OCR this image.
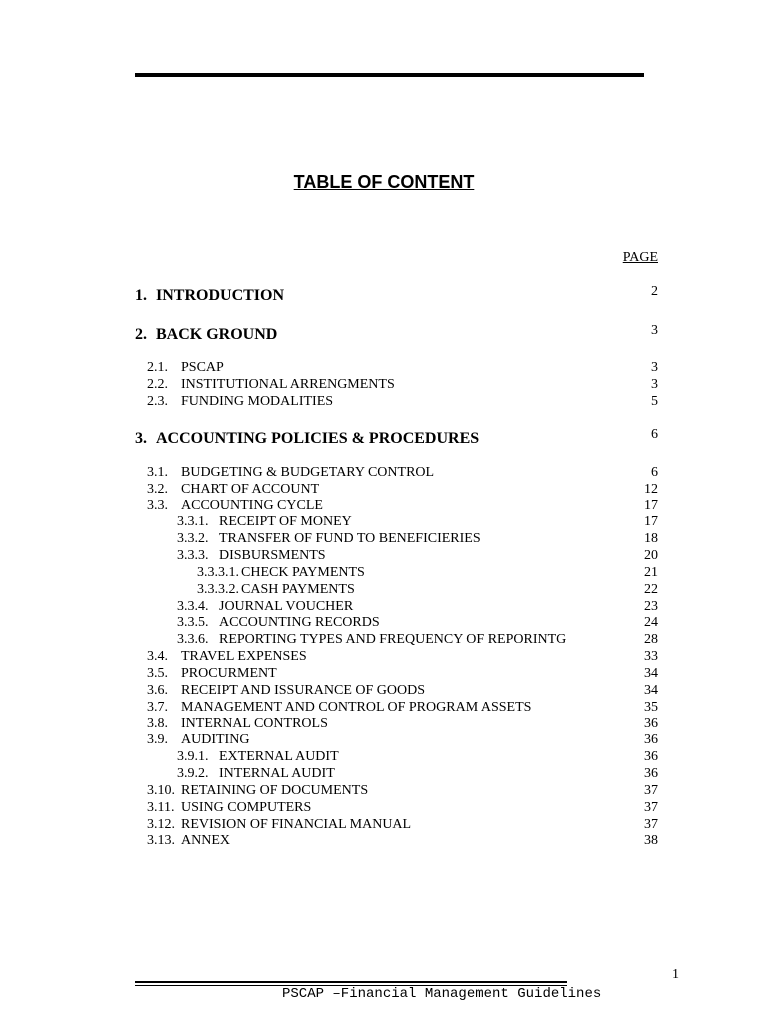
TABLE OF CONTENT
PAGE
1. INTRODUCTION	2
2. BACK GROUND	3
2.1. PSCAP	3
2.2. INSTITUTIONAL ARRENGMENTS	3
2.3. FUNDING MODALITIES	5
3. ACCOUNTING POLICIES & PROCEDURES	6
3.1. BUDGETING & BUDGETARY CONTROL	6
3.2. CHART OF ACCOUNT	12
3.3. ACCOUNTING CYCLE	17
3.3.1. RECEIPT OF MONEY	17
3.3.2. TRANSFER OF FUND TO BENEFICIERIES	18
3.3.3. DISBURSMENTS	20
3.3.3.1. CHECK PAYMENTS	21
3.3.3.2. CASH PAYMENTS	22
3.3.4. JOURNAL VOUCHER	23
3.3.5. ACCOUNTING RECORDS	24
3.3.6. REPORTING TYPES AND FREQUENCY OF REPORINTG	28
3.4. TRAVEL EXPENSES	33
3.5. PROCURMENT	34
3.6. RECEIPT AND ISSURANCE OF GOODS	34
3.7. MANAGEMENT AND CONTROL OF PROGRAM ASSETS	35
3.8. INTERNAL CONTROLS	36
3.9. AUDITING	36
3.9.1. EXTERNAL AUDIT	36
3.9.2. INTERNAL AUDIT	36
3.10. RETAINING OF DOCUMENTS	37
3.11. USING COMPUTERS	37
3.12. REVISION OF FINANCIAL MANUAL	37
3.13. ANNEX	38
1
PSCAP –Financial Management Guidelines
